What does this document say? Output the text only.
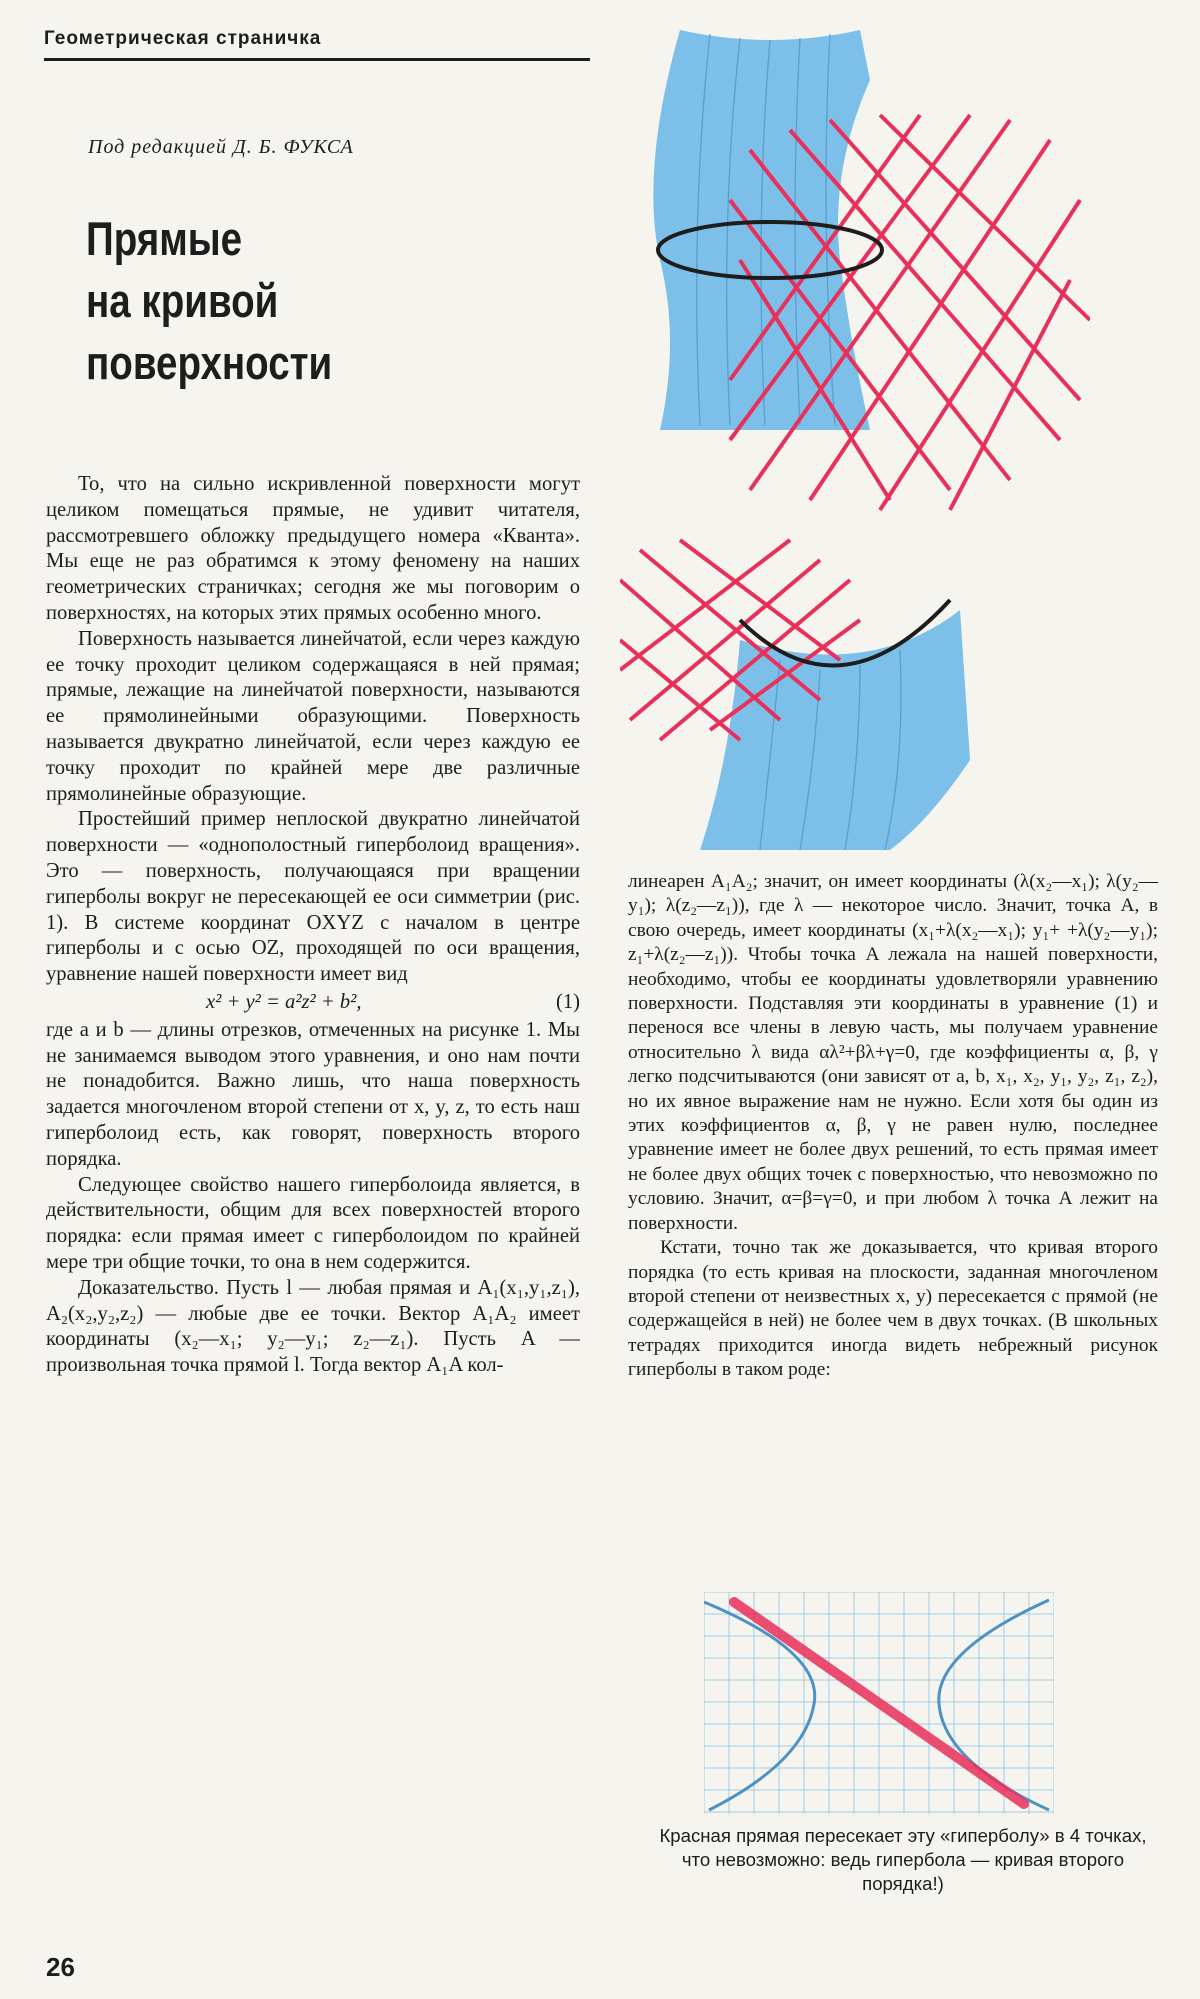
Геометрическая страничка
Под редакцией Д. Б. ФУКСА
Прямые
на кривой
поверхности

То, что на сильно искривленной поверхности могут целиком помещаться прямые, не удивит читателя, рассмотревшего обложку предыдущего номера «Кванта». Мы еще не раз обратимся к этому феномену на наших геометрических страничках; сегодня же мы поговорим о поверхностях, на которых этих прямых особенно много.

Поверхность называется линейчатой, если через каждую ее точку проходит целиком содержащаяся в ней прямая; прямые, лежащие на линейчатой поверхности, называются ее прямолинейными образующими. Поверхность называется двукратно линейчатой, если через каждую ее точку проходит по крайней мере две различные прямолинейные образующие.

Простейший пример неплоской двукратно линейчатой поверхности — «однополостный гиперболоид вращения». Это — поверхность, получающаяся при вращении гиперболы вокруг не пересекающей ее оси симметрии (рис. 1). В системе координат OXYZ с началом в центре гиперболы и с осью OZ, проходящей по оси вращения, уравнение нашей поверхности имеет вид

x² + y² = a²z² + b²,	(1)

где a и b — длины отрезков, отмеченных на рисунке 1. Мы не занимаемся выводом этого уравнения, и оно нам почти не понадобится. Важно лишь, что наша поверхность задается многочленом второй степени от x, y, z, то есть наш гиперболоид есть, как говорят, поверхность второго порядка.

Следующее свойство нашего гиперболоида является, в действительности, общим для всех поверхностей второго порядка: если прямая имеет с гиперболоидом по крайней мере три общие точки, то она в нем содержится.

Доказательство. Пусть l — любая прямая и A₁(x₁,y₁,z₁), A₂(x₂,y₂,z₂) — любые две ее точки. Вектор A₁A₂ имеет координаты (x₂—x₁; y₂—y₁; z₂—z₁). Пусть A — произвольная точка прямой l. Тогда вектор A₁A кол-

линеарен A₁A₂; значит, он имеет координаты (λ(x₂—x₁); λ(y₂—y₁); λ(z₂—z₁)), где λ — некоторое число. Значит, точка A, в свою очередь, имеет координаты (x₁+λ(x₂—x₁); y₁+ +λ(y₂—y₁); z₁+λ(z₂—z₁)). Чтобы точка A лежала на нашей поверхности, необходимо, чтобы ее координаты удовлетворяли уравнению поверхности. Подставляя эти координаты в уравнение (1) и перенося все члены в левую часть, мы получаем уравнение относительно λ вида αλ²+βλ+γ=0, где коэффициенты α, β, γ легко подсчитываются (они зависят от a, b, x₁, x₂, y₁, y₂, z₁, z₂), но их явное выражение нам не нужно. Если хотя бы один из этих коэффициентов α, β, γ не равен нулю, последнее уравнение имеет не более двух решений, то есть прямая имеет не более двух общих точек с поверхностью, что невозможно по условию. Значит, α=β=γ=0, и при любом λ точка A лежит на поверхности.

Кстати, точно так же доказывается, что кривая второго порядка (то есть кривая на плоскости, заданная многочленом второй степени от неизвестных x, y) пересекается с прямой (не содержащейся в ней) не более чем в двух точках. (В школьных тетрадях приходится иногда видеть небрежный рисунок гиперболы в таком роде:

Красная прямая пересекает эту «гиперболу» в 4 точках, что невозможно: ведь гипербола — кривая второго порядка!)
26
